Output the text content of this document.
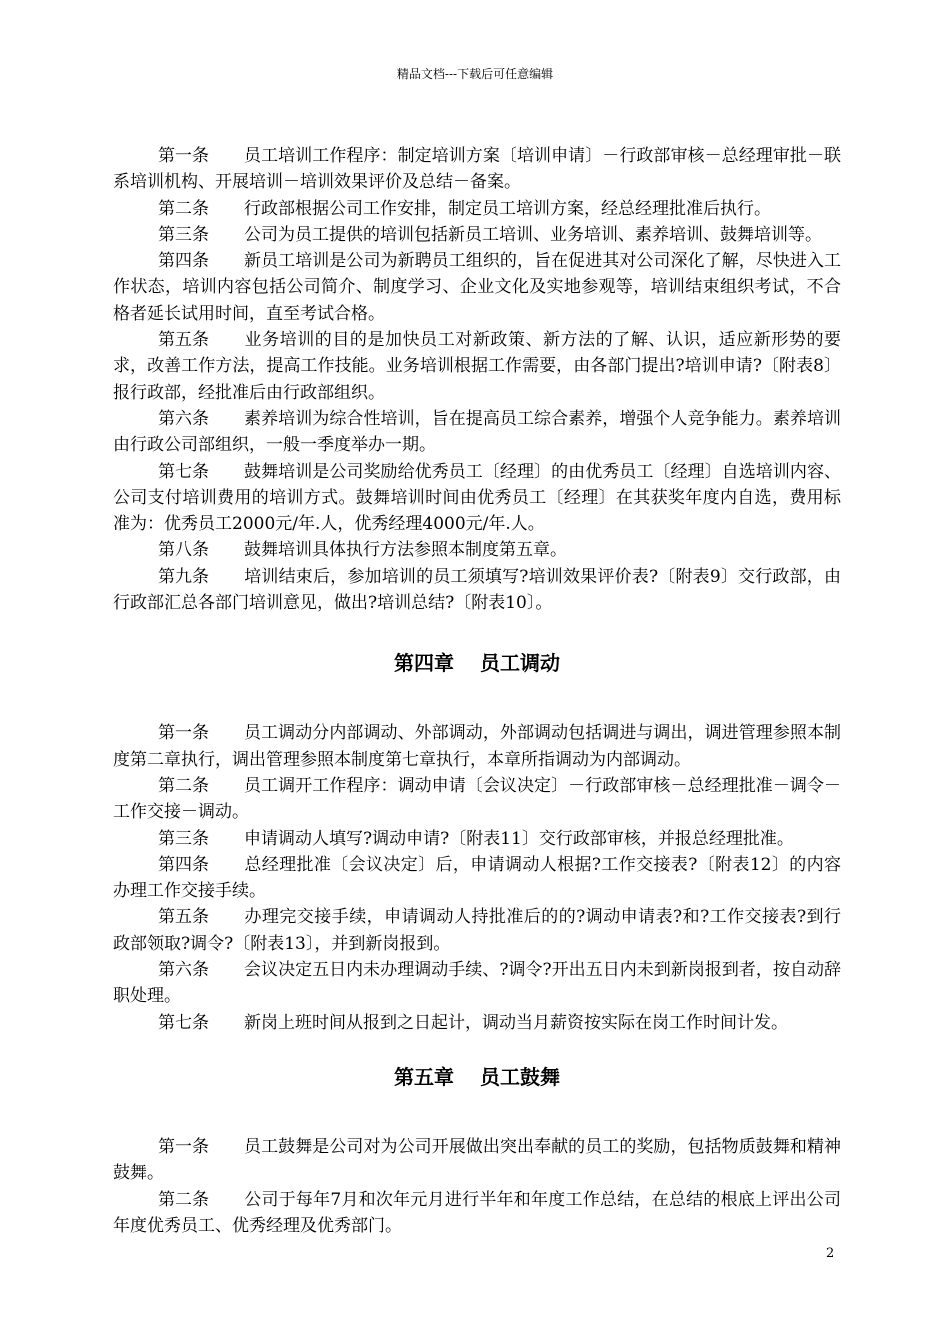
精品文档---下载后可任意编辑

第一条 员工培训工作程序：制定培训方案〔培训申请〕－行政部审核－总经理审批－联系培训机构、开展培训－培训效果评价及总结－备案。

第二条 行政部根据公司工作安排，制定员工培训方案，经总经理批准后执行。

第三条 公司为员工提供的培训包括新员工培训、业务培训、素养培训、鼓舞培训等。

第四条 新员工培训是公司为新聘员工组织的，旨在促进其对公司深化了解，尽快进入工作状态，培训内容包括公司简介、制度学习、企业文化及实地参观等，培训结束组织考试，不合格者延长试用时间，直至考试合格。

第五条 业务培训的目的是加快员工对新政策、新方法的了解、认识，适应新形势的要求，改善工作方法，提高工作技能。业务培训根据工作需要，由各部门提出?培训申请?〔附表8〕报行政部，经批准后由行政部组织。

第六条 素养培训为综合性培训，旨在提高员工综合素养，增强个人竞争能力。素养培训由行政公司部组织，一般一季度举办一期。

第七条 鼓舞培训是公司奖励给优秀员工〔经理〕的由优秀员工〔经理〕自选培训内容、公司支付培训费用的培训方式。鼓舞培训时间由优秀员工〔经理〕在其获奖年度内自选，费用标准为：优秀员工2000元/年.人，优秀经理4000元/年.人。

第八条 鼓舞培训具体执行方法参照本制度第五章。

第九条 培训结束后，参加培训的员工须填写?培训效果评价表?〔附表9〕交行政部，由行政部汇总各部门培训意见，做出?培训总结?〔附表10〕。

第四章 员工调动

第一条 员工调动分内部调动、外部调动，外部调动包括调进与调出，调进管理参照本制度第二章执行，调出管理参照本制度第七章执行，本章所指调动为内部调动。

第二条 员工调开工作程序：调动申请〔会议决定〕－行政部审核－总经理批准－调令－工作交接－调动。

第三条 申请调动人填写?调动申请?〔附表11〕交行政部审核，并报总经理批准。

第四条 总经理批准〔会议决定〕后，申请调动人根据?工作交接表?〔附表12〕的内容办理工作交接手续。

第五条 办理完交接手续，申请调动人持批准后的的?调动申请表?和?工作交接表?到行政部领取?调令?〔附表13〕，并到新岗报到。

第六条 会议决定五日内未办理调动手续、?调令?开出五日内未到新岗报到者，按自动辞职处理。

第七条 新岗上班时间从报到之日起计，调动当月薪资按实际在岗工作时间计发。

第五章 员工鼓舞

第一条 员工鼓舞是公司对为公司开展做出突出奉献的员工的奖励，包括物质鼓舞和精神鼓舞。

第二条 公司于每年7月和次年元月进行半年和年度工作总结，在总结的根底上评出公司年度优秀员工、优秀经理及优秀部门。

2
